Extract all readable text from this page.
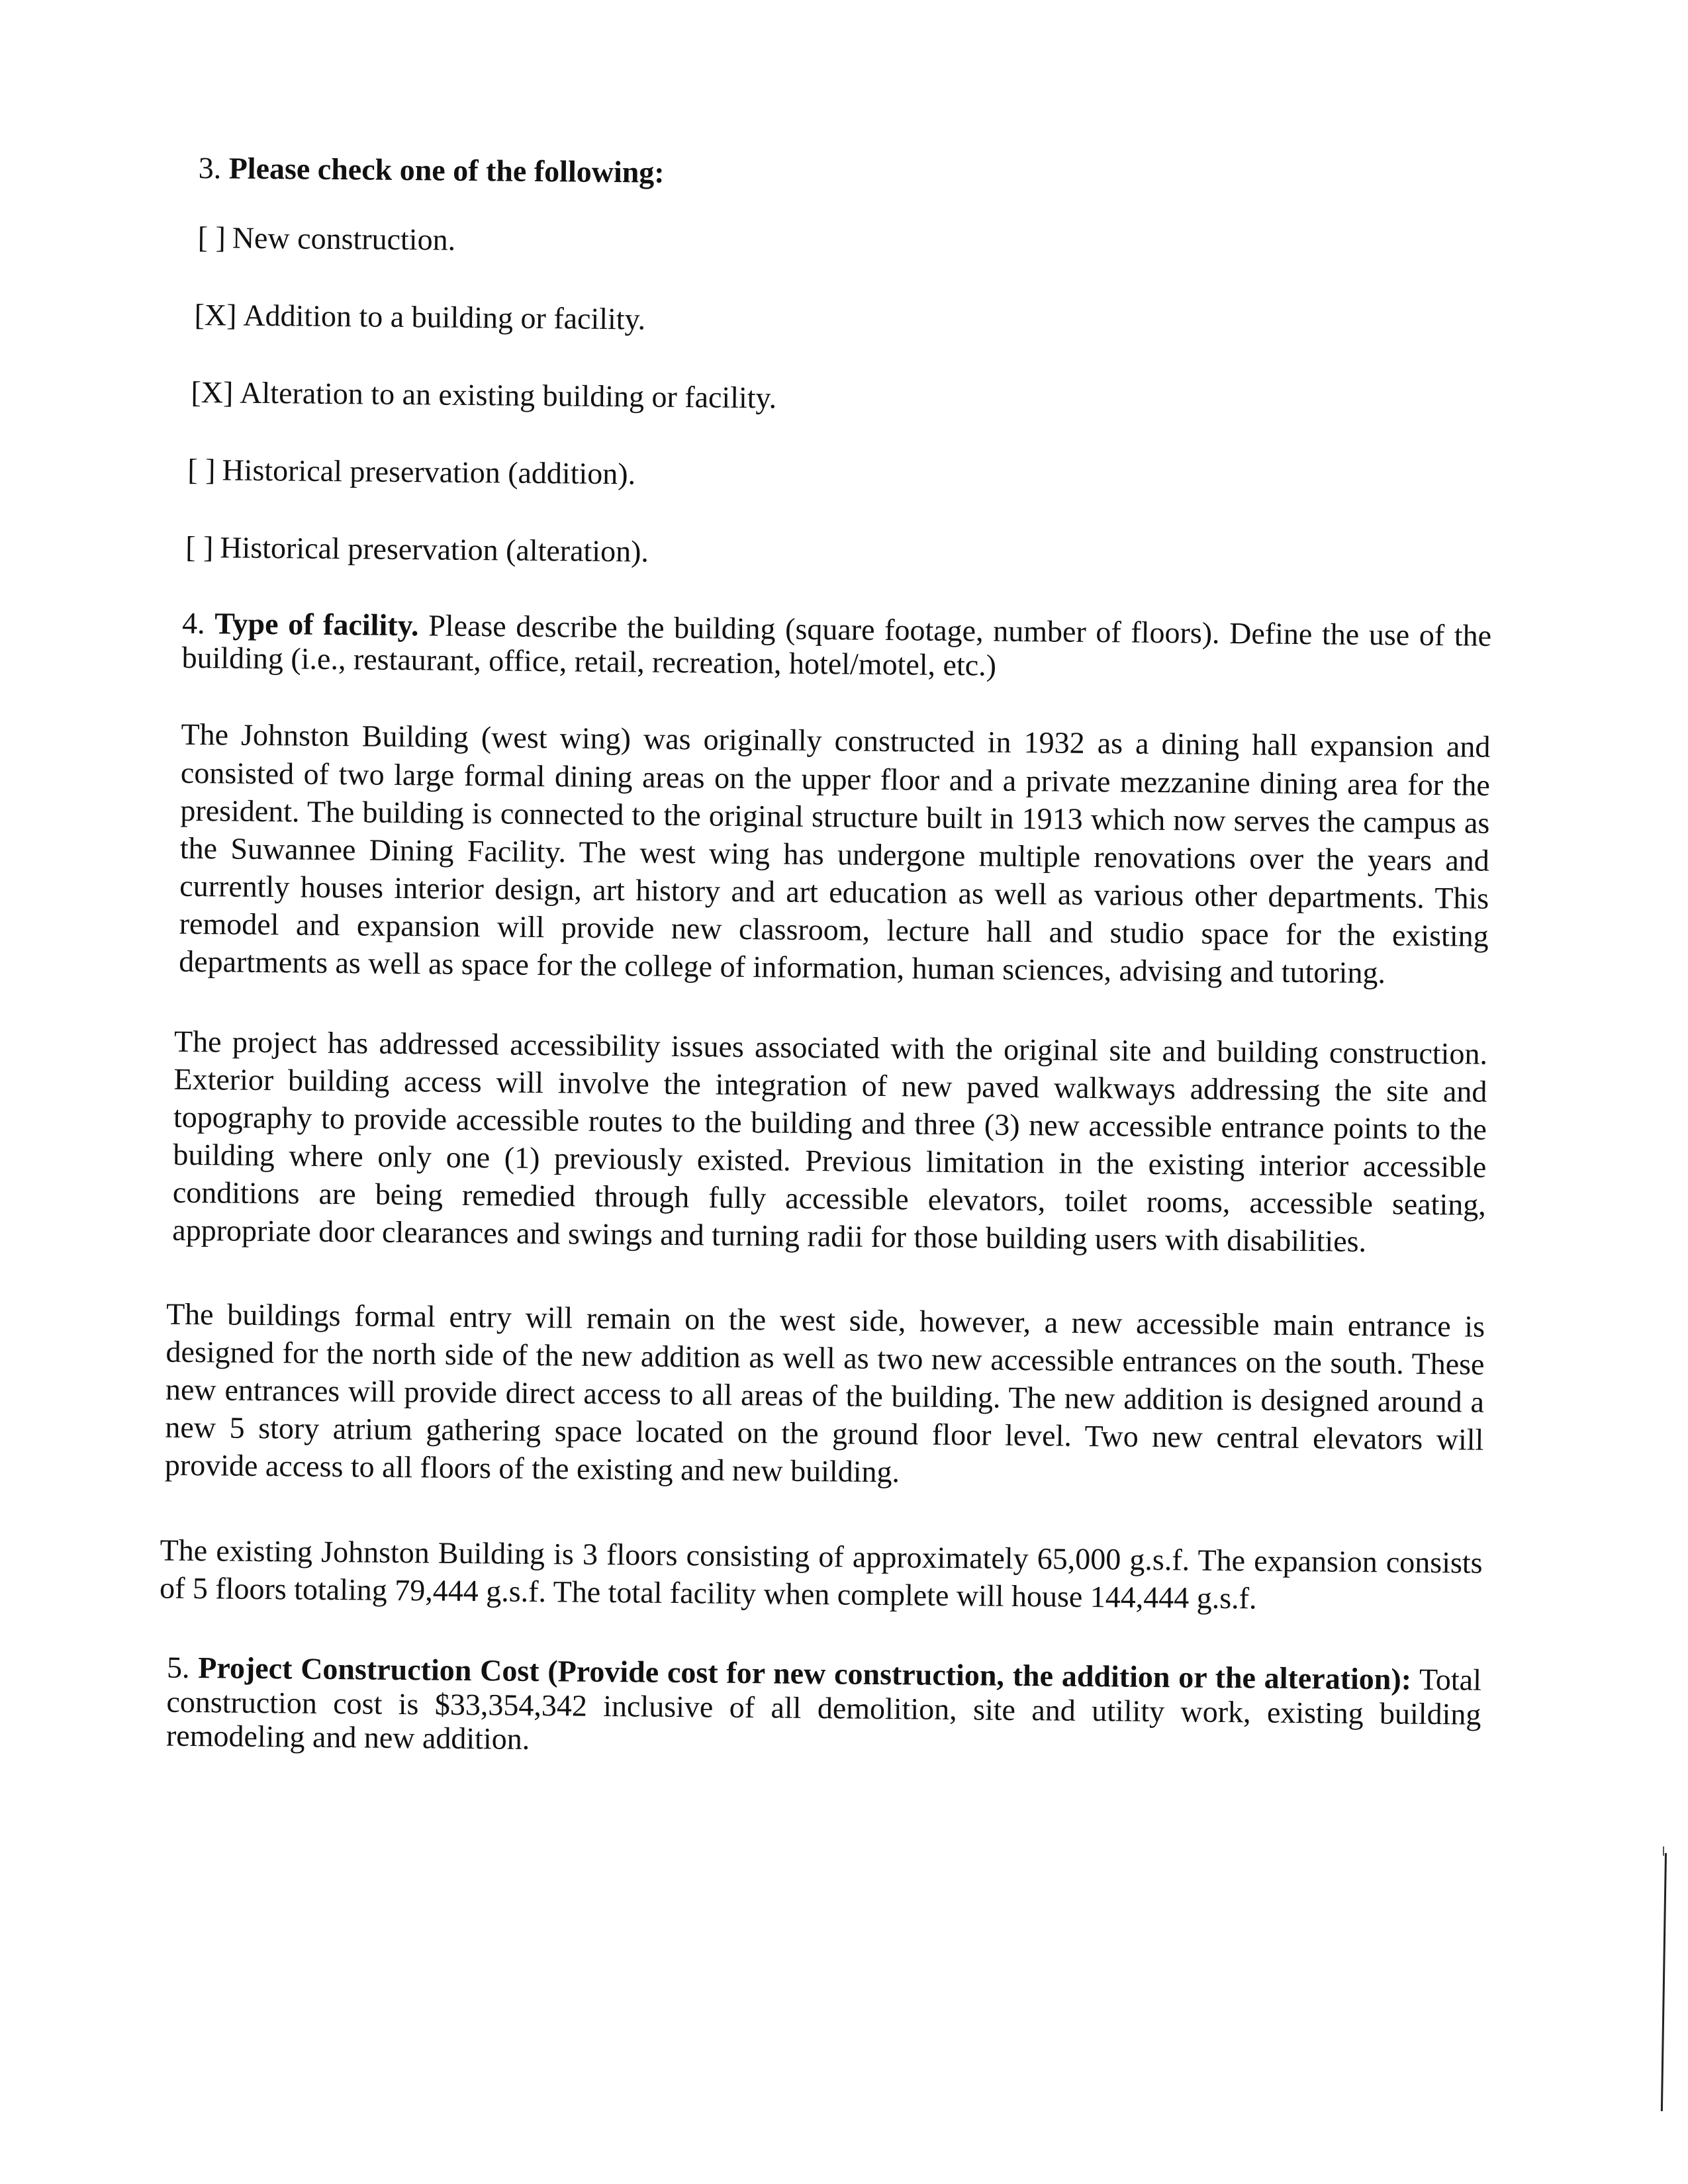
3. Please check one of the following:
[ ] New construction.
[X] Addition to a building or facility.
[X] Alteration to an existing building or facility.
[ ] Historical preservation (addition).
[ ] Historical preservation (alteration).

4. Type of facility. Please describe the building (square footage, number of floors). Define the use of the building (i.e., restaurant, office, retail, recreation, hotel/motel, etc.)

The Johnston Building (west wing) was originally constructed in 1932 as a dining hall expansion and consisted of two large formal dining areas on the upper floor and a private mezzanine dining area for the president. The building is connected to the original structure built in 1913 which now serves the campus as the Suwannee Dining Facility. The west wing has undergone multiple renovations over the years and currently houses interior design, art history and art education as well as various other departments. This remodel and expansion will provide new classroom, lecture hall and studio space for the existing departments as well as space for the college of information, human sciences, advising and tutoring.

The project has addressed accessibility issues associated with the original site and building construction. Exterior building access will involve the integration of new paved walkways addressing the site and topography to provide accessible routes to the building and three (3) new accessible entrance points to the building where only one (1) previously existed. Previous limitation in the existing interior accessible conditions are being remedied through fully accessible elevators, toilet rooms, accessible seating, appropriate door clearances and swings and turning radii for those building users with disabilities.

The buildings formal entry will remain on the west side, however, a new accessible main entrance is designed for the north side of the new addition as well as two new accessible entrances on the south. These new entrances will provide direct access to all areas of the building. The new addition is designed around a new 5 story atrium gathering space located on the ground floor level. Two new central elevators will provide access to all floors of the existing and new building.

The existing Johnston Building is 3 floors consisting of approximately 65,000 g.s.f. The expansion consists of 5 floors totaling 79,444 g.s.f. The total facility when complete will house 144,444 g.s.f.

5. Project Construction Cost (Provide cost for new construction, the addition or the alteration): Total construction cost is $33,354,342 inclusive of all demolition, site and utility work, existing building remodeling and new addition.
